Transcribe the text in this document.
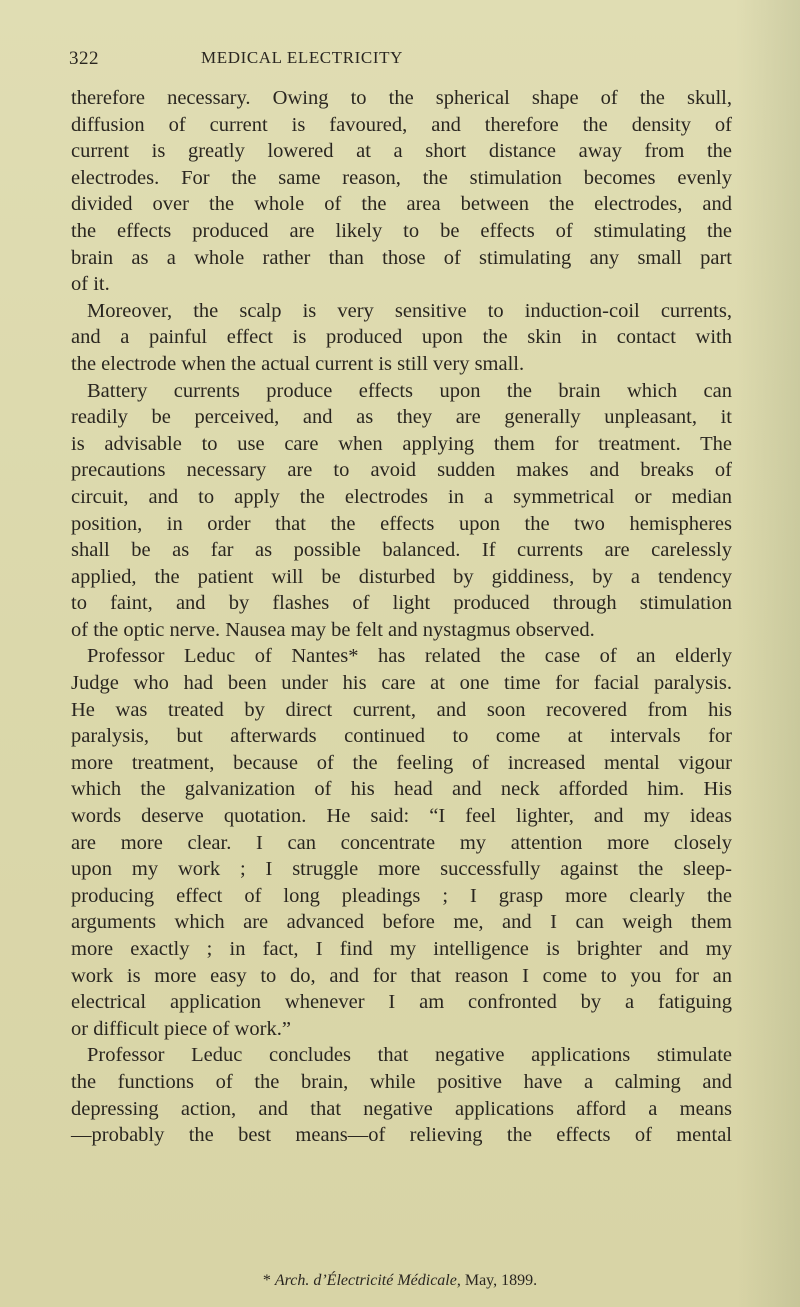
322	MEDICAL ELECTRICITY
therefore necessary. Owing to the spherical shape of the skull,
diffusion of current is favoured, and therefore the density of
current is greatly lowered at a short distance away from the
electrodes. For the same reason, the stimulation becomes evenly
divided over the whole of the area between the electrodes, and
the effects produced are likely to be effects of stimulating the
brain as a whole rather than those of stimulating any small part
of it.
Moreover, the scalp is very sensitive to induction-coil currents,
and a painful effect is produced upon the skin in contact with
the electrode when the actual current is still very small.
Battery currents produce effects upon the brain which can
readily be perceived, and as they are generally unpleasant, it
is advisable to use care when applying them for treatment. The
precautions necessary are to avoid sudden makes and breaks of
circuit, and to apply the electrodes in a symmetrical or median
position, in order that the effects upon the two hemispheres
shall be as far as possible balanced. If currents are carelessly
applied, the patient will be disturbed by giddiness, by a tendency
to faint, and by flashes of light produced through stimulation
of the optic nerve. Nausea may be felt and nystagmus observed.
Professor Leduc of Nantes* has related the case of an elderly
Judge who had been under his care at one time for facial paralysis.
He was treated by direct current, and soon recovered from his
paralysis, but afterwards continued to come at intervals for
more treatment, because of the feeling of increased mental vigour
which the galvanization of his head and neck afforded him. His
words deserve quotation. He said: “I feel lighter, and my ideas
are more clear. I can concentrate my attention more closely
upon my work ; I struggle more successfully against the sleep-
producing effect of long pleadings ; I grasp more clearly the
arguments which are advanced before me, and I can weigh them
more exactly ; in fact, I find my intelligence is brighter and my
work is more easy to do, and for that reason I come to you for an
electrical application whenever I am confronted by a fatiguing
or difficult piece of work.”
Professor Leduc concludes that negative applications stimulate
the functions of the brain, while positive have a calming and
depressing action, and that negative applications afford a means
—probably the best means—of relieving the effects of mental
* Arch. d’Électricité Médicale, May, 1899.
